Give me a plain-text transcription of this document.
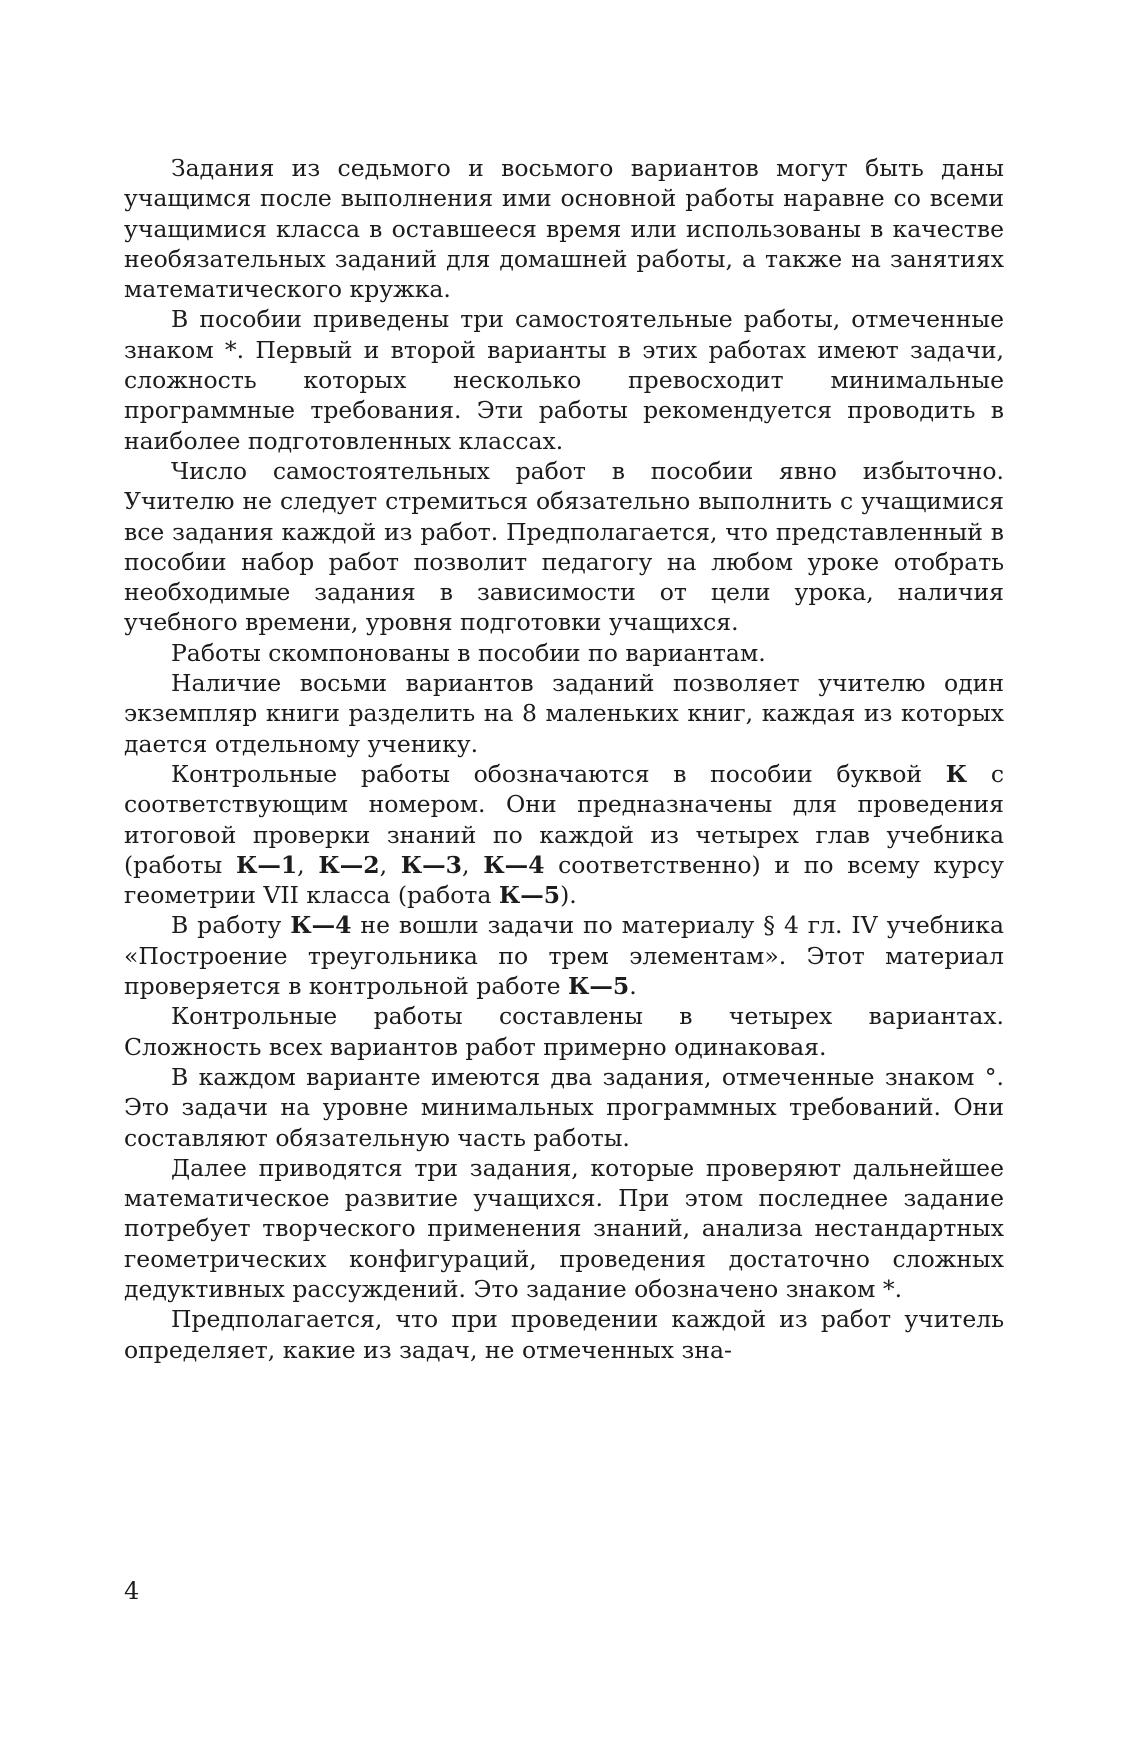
Задания из седьмого и восьмого вариантов могут быть даны учащимся после выполнения ими основной работы наравне со всеми учащимися класса в оставшееся время или использованы в качестве необязательных заданий для домашней работы, а также на занятиях математического кружка.

В пособии приведены три самостоятельные работы, отмеченные знаком *. Первый и второй варианты в этих работах имеют задачи, сложность которых несколько превосходит минимальные программные требования. Эти работы рекомендуется проводить в наиболее подготовленных классах.

Число самостоятельных работ в пособии явно избыточно. Учителю не следует стремиться обязательно выполнить с учащимися все задания каждой из работ. Предполагается, что представленный в пособии набор работ позволит педагогу на любом уроке отобрать необходимые задания в зависимости от цели урока, наличия учебного времени, уровня подготовки учащихся.

Работы скомпонованы в пособии по вариантам.

Наличие восьми вариантов заданий позволяет учителю один экземпляр книги разделить на 8 маленьких книг, каждая из которых дается отдельному ученику.

Контрольные работы обозначаются в пособии буквой К с соответствующим номером. Они предназначены для проведения итоговой проверки знаний по каждой из четырех глав учебника (работы К—1, К—2, К—3, К—4 соответственно) и по всему курсу геометрии VII класса (работа К—5).

В работу К—4 не вошли задачи по материалу § 4 гл. IV учебника «Построение треугольника по трем элементам». Этот материал проверяется в контрольной работе К—5.

Контрольные работы составлены в четырех вариантах. Сложность всех вариантов работ примерно одинаковая.

В каждом варианте имеются два задания, отмеченные знаком °. Это задачи на уровне минимальных программных требований. Они составляют обязательную часть работы.

Далее приводятся три задания, которые проверяют дальнейшее математическое развитие учащихся. При этом последнее задание потребует творческого применения знаний, анализа нестандартных геометрических конфигураций, проведения достаточно сложных дедуктивных рассуждений. Это задание обозначено знаком *.

Предполагается, что при проведении каждой из работ учитель определяет, какие из задач, не отмеченных зна-

4
